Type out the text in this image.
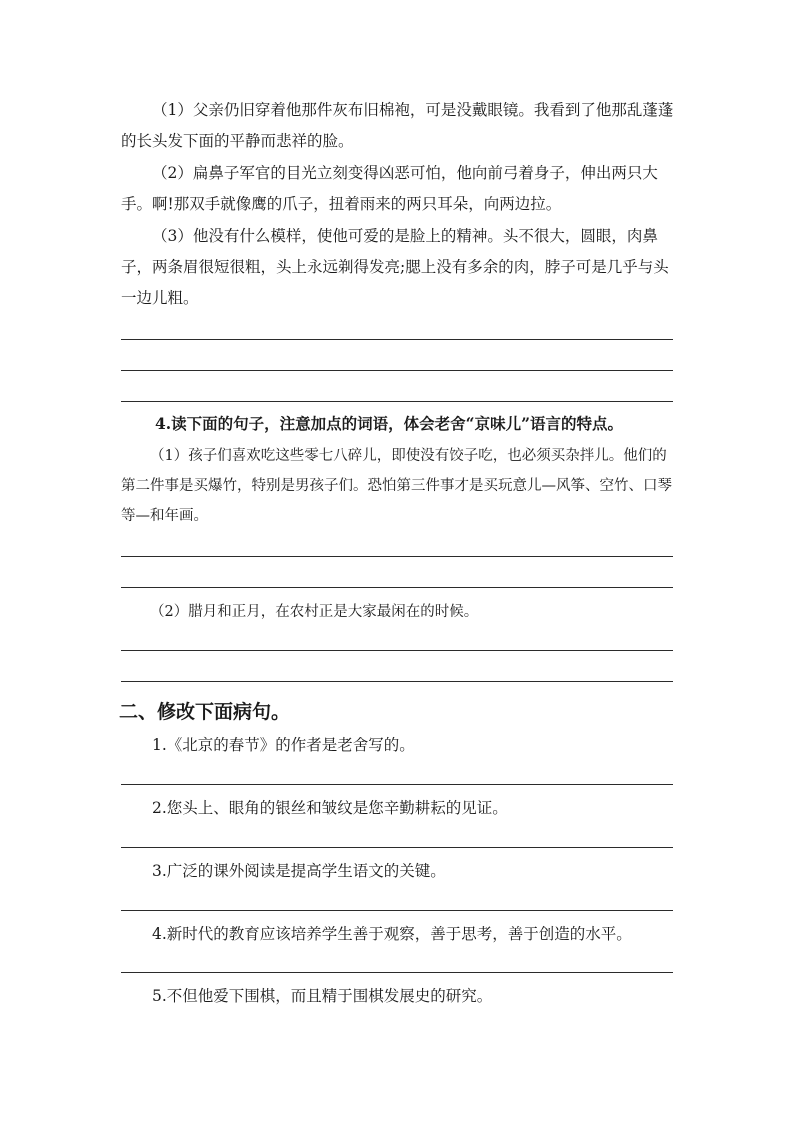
（1）父亲仍旧穿着他那件灰布旧棉袍，可是没戴眼镜。我看到了他那乱蓬蓬的长头发下面的平静而悲祥的脸。

（2）扁鼻子军官的目光立刻变得凶恶可怕，他向前弓着身子，伸出两只大手。啊!那双手就像鹰的爪子，扭着雨来的两只耳朵，向两边拉。

（3）他没有什么模样，使他可爱的是脸上的精神。头不很大，圆眼，肉鼻子，两条眉很短很粗，头上永远剃得发亮;腮上没有多余的肉，脖子可是几乎与头一边儿粗。

4.读下面的句子，注意加点的词语，体会老舍“京味儿”语言的特点。

（1）孩子们喜欢吃这些零七八碎儿，即使没有饺子吃，也必须买杂拌儿。他们的第二件事是买爆竹，特别是男孩子们。恐怕第三件事才是买玩意儿—风筝、空竹、口琴等—和年画。

（2）腊月和正月，在农村正是大家最闲在的时候。

二、修改下面病句。

1.《北京的春节》的作者是老舍写的。

2.您头上、眼角的银丝和皱纹是您辛勤耕耘的见证。

3.广泛的课外阅读是提高学生语文的关键。

4.新时代的教育应该培养学生善于观察，善于思考，善于创造的水平。

5.不但他爱下围棋，而且精于围棋发展史的研究。
